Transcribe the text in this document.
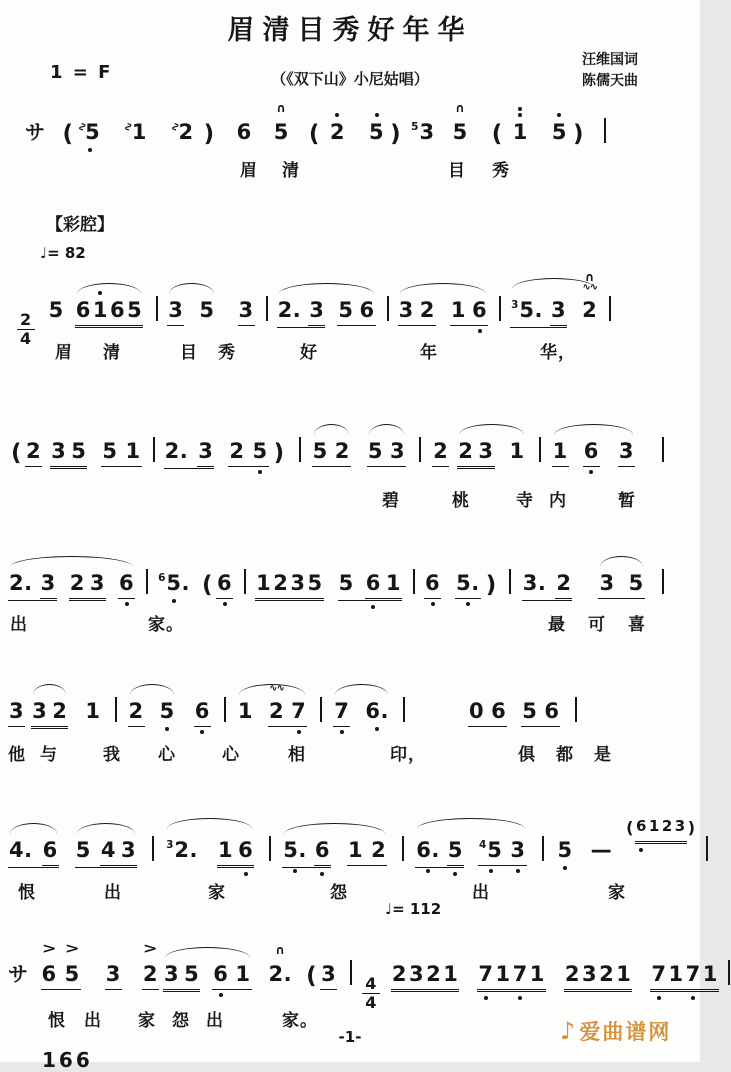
眉清目秀好年华
1 = F	（《双下山》小尼姑唱）
汪维国词
陈儒天曲
サ (∿5 ∿1 ∿2 ) 6 5
∩
( 2 5 ) $^5$3 5
∩
( 1 5 )
$\frac{2}{4}$
5 61
65 3 5 3 2. 3 5 6 3 2 1 6 $^3$5. 3 2
∩
∿∿
( 2 3 5 5 1 2. 3 2 5 ) 5 2 5 3 2 2 3 1 1 6 3
2. 3 2 3 6 $^6$5. ( 6 1235 5 6 1 6 5. ) 3. 2 3 5
3 3 2 1 2 5 6 1 2
∿∿
7 7 6.	0 6 5 6
4. 6 5 4 3	$^3$2. 1 6 5. 6 1 2 6. 5 $^4$5 3 5 —( 6 1 2 3 )
サ 6
>
5
>
3 2
>
3 5 6 1 2.
∩
( 3
$\frac{4}{4}$
2321 7
17
1 2321 7
17
1
眉 清	目 秀
眉 清	目 秀	好	年	华，
碧	桃	寺 内	暂
出	家。	最 可 喜
他 与	我 心	心	相	印，	俱 都 是
恨	出	家	怨	出	家
恨 出 家 怨 出	家。
【彩腔】
♩= 82
♩= 112
-1-
166
♪ 爱曲谱网
